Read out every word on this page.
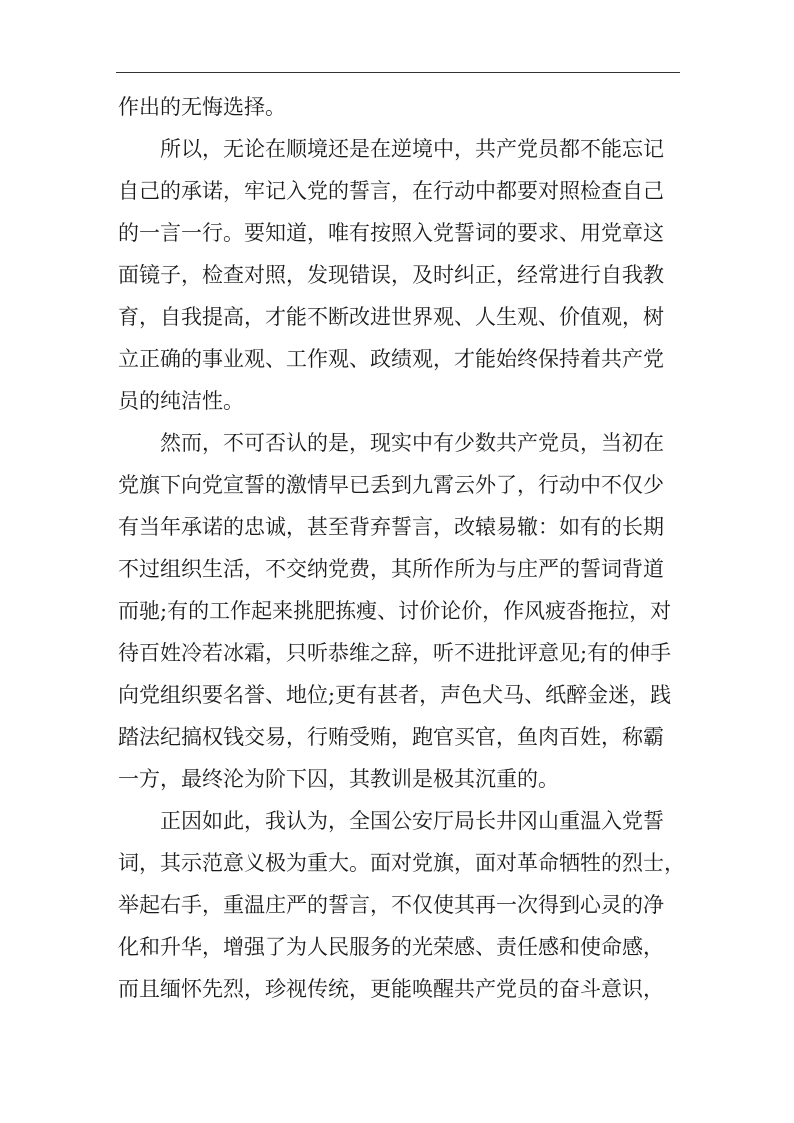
作出的无悔选择。
所以，无论在顺境还是在逆境中，共产党员都不能忘记
自己的承诺，牢记入党的誓言，在行动中都要对照检查自己
的一言一行。要知道，唯有按照入党誓词的要求、用党章这
面镜子，检查对照，发现错误，及时纠正，经常进行自我教
育，自我提高，才能不断改进世界观、人生观、价值观，树
立正确的事业观、工作观、政绩观，才能始终保持着共产党
员的纯洁性。
然而，不可否认的是，现实中有少数共产党员，当初在
党旗下向党宣誓的激情早已丢到九霄云外了，行动中不仅少
有当年承诺的忠诚，甚至背弃誓言，改辕易辙：如有的长期
不过组织生活，不交纳党费，其所作所为与庄严的誓词背道
而驰;有的工作起来挑肥拣瘦、讨价论价，作风疲沓拖拉，对
待百姓冷若冰霜，只听恭维之辞，听不进批评意见;有的伸手
向党组织要名誉、地位;更有甚者，声色犬马、纸醉金迷，践
踏法纪搞权钱交易，行贿受贿，跑官买官，鱼肉百姓，称霸
一方，最终沦为阶下囚，其教训是极其沉重的。
正因如此，我认为，全国公安厅局长井冈山重温入党誓
词，其示范意义极为重大。面对党旗，面对革命牺牲的烈士，
举起右手，重温庄严的誓言，不仅使其再一次得到心灵的净
化和升华，增强了为人民服务的光荣感、责任感和使命感，
而且缅怀先烈，珍视传统，更能唤醒共产党员的奋斗意识，
